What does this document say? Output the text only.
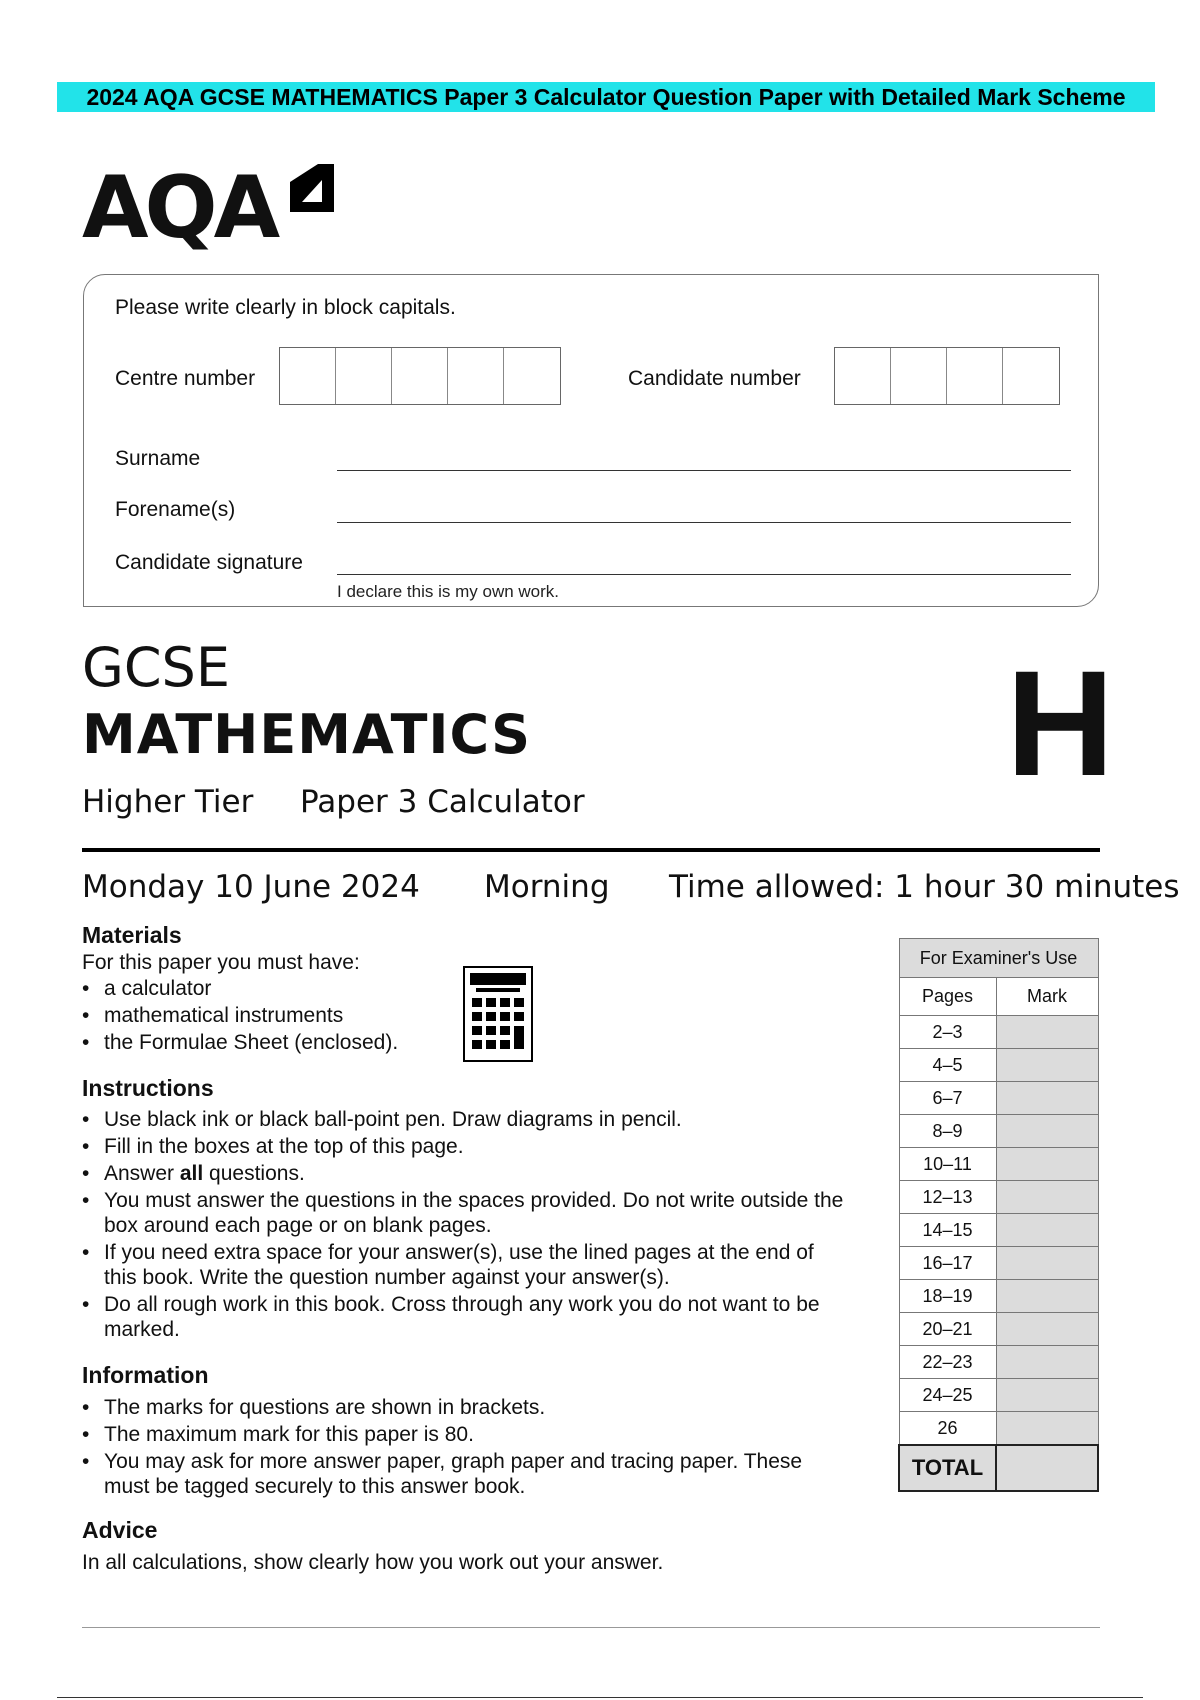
2024 AQA GCSE MATHEMATICS Paper 3 Calculator Question Paper with Detailed Mark Scheme
AQA
Please write clearly in block capitals.
Centre number	Candidate number
Surname
Forename(s)
Candidate signature
I declare this is my own work.
GCSE
MATHEMATICS
Higher Tier Paper 3 Calculator	H
Monday 10 June 2024 Morning Time allowed: 1 hour 30 minutes
Materials
For this paper you must have:
• a calculator
• mathematical instruments
• the Formulae Sheet (enclosed).
Instructions
• Use black ink or black ball-point pen. Draw diagrams in pencil.
• Fill in the boxes at the top of this page.
• Answer all questions.
• You must answer the questions in the spaces provided. Do not write outside the box around each page or on blank pages.
• If you need extra space for your answer(s), use the lined pages at the end of this book. Write the question number against your answer(s).
• Do all rough work in this book. Cross through any work you do not want to be marked.
Information
• The marks for questions are shown in brackets.
• The maximum mark for this paper is 80.
• You may ask for more answer paper, graph paper and tracing paper. These must be tagged securely to this answer book.
Advice
In all calculations, show clearly how you work out your answer.
For Examiner's Use	
Pages	Mark
2–3	
4–5	
6–7	
8–9	
10–11	
12–13	
14–15	
16–17	
18–19	
20–21	
22–23	
24–25	
26	
TOTAL	
